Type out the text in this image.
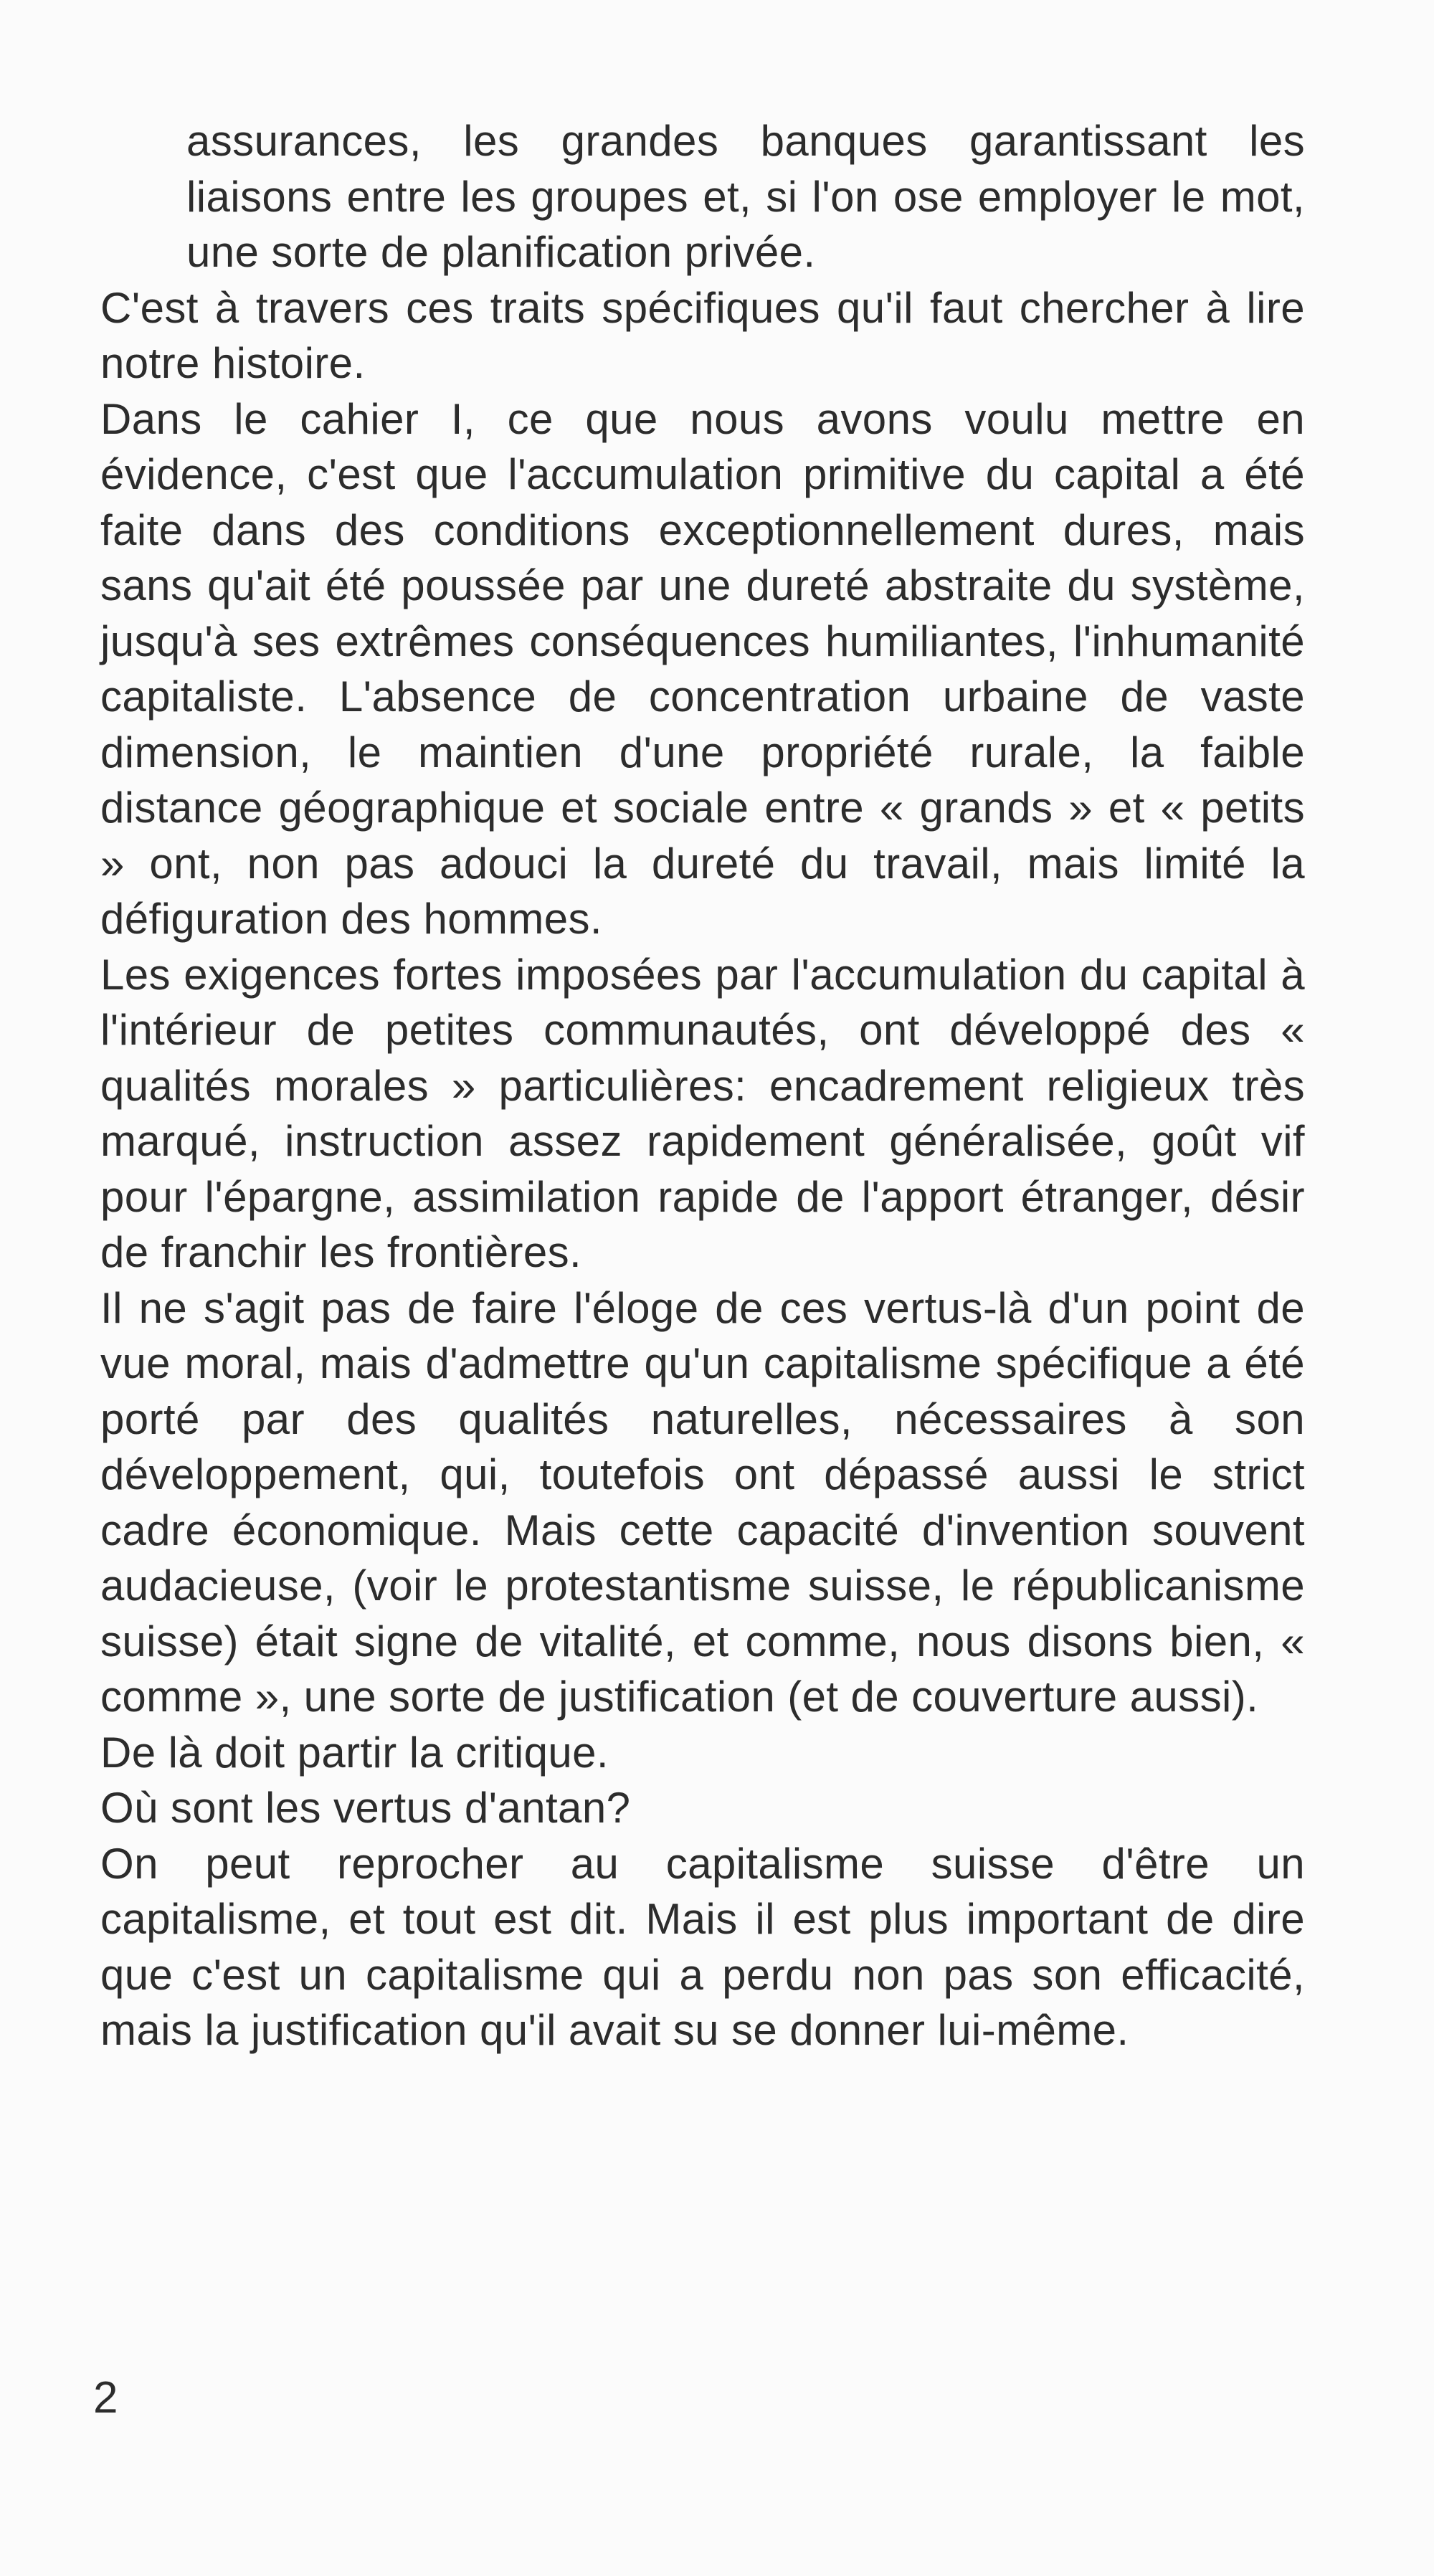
assurances, les grandes banques garantissant les liaisons entre les groupes et, si l'on ose employer le mot, une sorte de planification privée.

C'est à travers ces traits spécifiques qu'il faut chercher à lire notre histoire.

Dans le cahier I, ce que nous avons voulu mettre en évidence, c'est que l'accumulation primitive du capital a été faite dans des conditions exceptionnellement dures, mais sans qu'ait été poussée par une dureté abstraite du système, jusqu'à ses extrêmes conséquences humiliantes, l'inhumanité capitaliste. L'absence de concentration urbaine de vaste dimension, le maintien d'une propriété rurale, la faible distance géographique et sociale entre « grands » et « petits » ont, non pas adouci la dureté du travail, mais limité la défiguration des hommes.

Les exigences fortes imposées par l'accumulation du capital à l'intérieur de petites communautés, ont développé des « qualités morales » particulières: encadrement religieux très marqué, instruction assez rapidement généralisée, goût vif pour l'épargne, assimilation rapide de l'apport étranger, désir de franchir les frontières.

Il ne s'agit pas de faire l'éloge de ces vertus-là d'un point de vue moral, mais d'admettre qu'un capitalisme spécifique a été porté par des qualités naturelles, nécessaires à son développement, qui, toutefois ont dépassé aussi le strict cadre économique. Mais cette capacité d'invention souvent audacieuse, (voir le protestantisme suisse, le républicanisme suisse) était signe de vitalité, et comme, nous disons bien, « comme », une sorte de justification (et de couverture aussi).

De là doit partir la critique.

Où sont les vertus d'antan?

On peut reprocher au capitalisme suisse d'être un capitalisme, et tout est dit. Mais il est plus important de dire que c'est un capitalisme qui a perdu non pas son efficacité, mais la justification qu'il avait su se donner lui-même.

2
